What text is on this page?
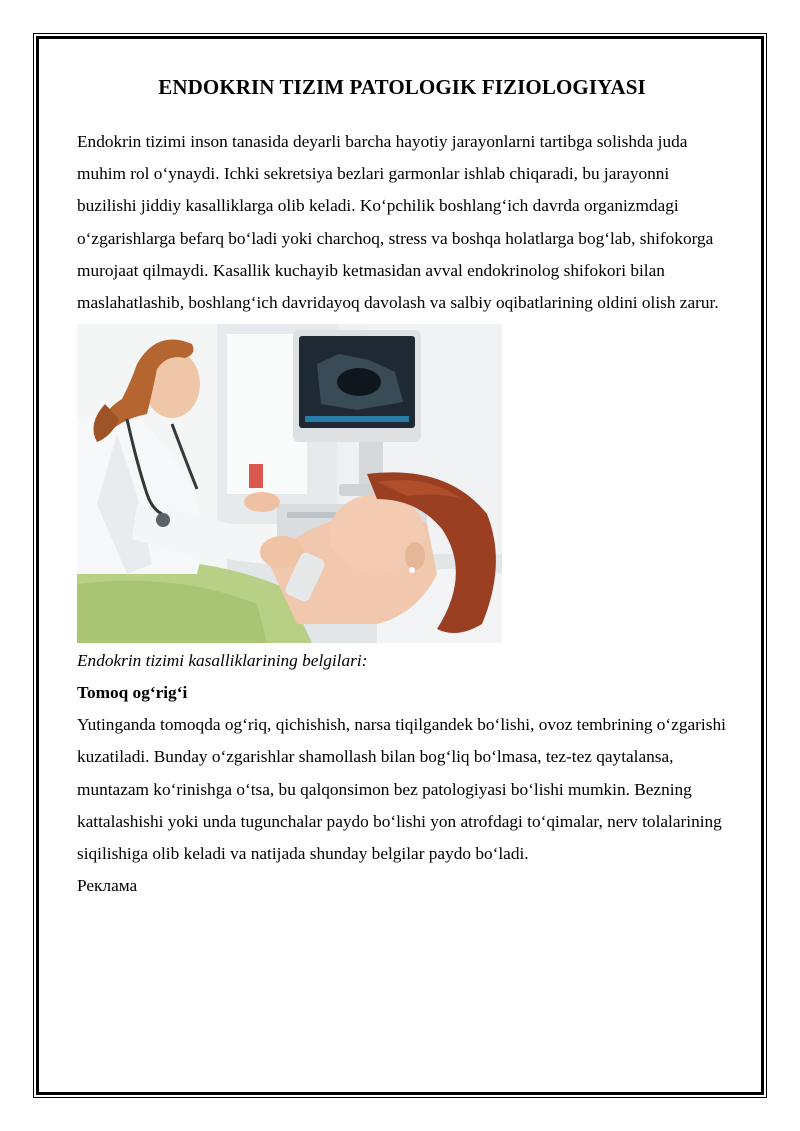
ENDOKRIN TIZIM PATOLOGIK FIZIOLOGIYASI

Endokrin tizimi inson tanasida deyarli barcha hayotiy jarayonlarni tartibga solishda juda muhim rol o‘ynaydi. Ichki sekretsiya bezlari garmonlar ishlab chiqaradi, bu jarayonni buzilishi jiddiy kasalliklarga olib keladi. Ko‘pchilik boshlang‘ich davrda organizmdagi o‘zgarishlarga befarq bo‘ladi yoki charchoq, stress va boshqa holatlarga bog‘lab, shifokorga murojaat qilmaydi. Kasallik kuchayib ketmasidan avval endokrinolog shifokori bilan maslahatlashib, boshlang‘ich davridayoq davolash va salbiy oqibatlarining oldini olish zarur.

Endokrin tizimi kasalliklarining belgilari:

Tomoq og‘rig‘i

Yutinganda tomoqda og‘riq, qichishish, narsa tiqilgandek bo‘lishi, ovoz tembrining o‘zgarishi kuzatiladi. Bunday o‘zgarishlar shamollash bilan bog‘liq bo‘lmasa, tez-tez qaytalansa, muntazam ko‘rinishga o‘tsa, bu qalqonsimon bez patologiyasi bo‘lishi mumkin. Bezning kattalashishi yoki unda tugunchalar paydo bo‘lishi yon atrofdagi to‘qimalar, nerv tolalarining siqilishiga olib keladi va natijada shunday belgilar paydo bo‘ladi.

Реклама
